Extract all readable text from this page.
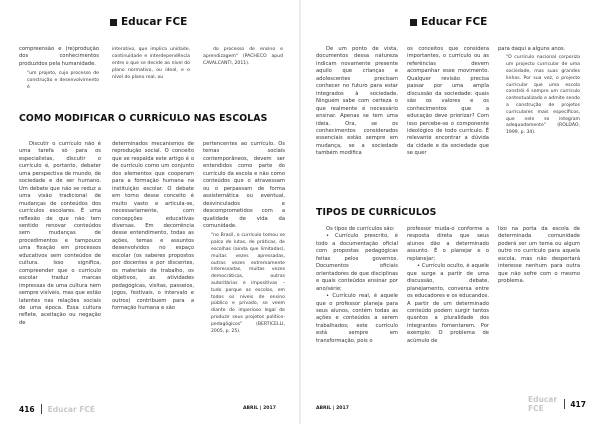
Educar FCE

compreensão e (re)produção dos conhecimentos produzidos pela humanidade.

"um projeto, cujo processo de construção e desenvolvimento é

interativo, que implica unidade, continuidade e interdependência entre o que se decide ao nível do plano normativo, ou ideal, e o nível do plano real, ou

do processo de ensino e aprendizagem" (PACHECO apud CAVALCANTI, 2011).

COMO MODIFICAR O CURRÍCULO NAS ESCOLAS

Discutir o currículo não é uma tarefa só para os especialistas, discutir o currículo é, portanto, debater uma perspectiva de mundo, de sociedade e de ser humano. Um debate que não se reduz a uma visão tradicional de mudanças de conteúdos dos currículos escolares. É uma reflexão de que não tem sentido renovar conteúdos sem mudanças de procedimentos e tampouco uma fixação em processos educativos sem conteúdos de cultura. Isso significa, compreender que o currículo escolar traduz marcas impressas de uma cultura nem sempre visíveis, mas que estão latentes nas relações sociais de uma época. Essa cultura reflete, aceitação ou negação de

determinados mecanismos de reprodução social. O conceito que se respalda este artigo é o de currículo como um conjunto dos elementos que cooperam para a formação humana na instituição escolar. O debate em torno desse conceito é muito vasto e articula-se, necessariamente, com concepções educativas diversas. Em decorrência desse entendimento, todas as ações, temas e assuntos desenvolvidos no espaço escolar (os saberes propostos por docentes e por discentes, os materiais de trabalho, os objetivos, as atividades pedagógicas, visitas, passeios, jogos, festivais, o intervalo e outros) contribuem para a formação humana e são

pertencentes ao currículo. Os temas sociais contemporâneos, devem ser entendidos como parte do currículo da escola e não como conteúdos que o atravessam ou o perpassam de forma assistemática ou eventual, desvinculados e descomprometidos com a qualidade de vida da comunidade.

"no Brasil, o currículo tomou se palco de lutas, de práticas, de escolhas (ainda que limitadas), muitas vezes apressadas, outras vezes extremamente interessadas, muitas vezes democráticas, outras autoritárias e impositivas – tudo porque as escolas, em todos os níveis de ensino público e privado, se veem diante do imperioso legal de produzir seus projetos político-pedagógicos" (BERTICELLI, 2005, p. 25).

416 Educar FCE	ABRIL | 2017
Educar FCE

De um ponto de vista, documentos dessa natureza indicam novamente presente aquilo que crianças e adolescentes precisam conhecer no futuro para estar integrados à sociedade. Ninguém sabe com certeza o que realmente é necessário ensinar. Apenas se tem uma ideia. Ora, se os conhecimentos considerados essenciais estão sempre em mudança, se a sociedade também modifica

os conceitos que considera importantes, o currículo ou as referências devem acompanhar esse movimento. Qualquer revisão precisa passar por uma ampla discussão da sociedade: quais são os valores e os conhecimentos que a educação deve priorizar? Com isso percebe-se o componente ideológico de todo currículo. É relevante encontrar a dúvida da cidade e da sociedade que se quer

para daqui a alguns anos.

"O currículo nacional corporiza um projecto curricular de uma sociedade, mas suas grandes linhas. Por sua vez, o projecto curricular que uma escola constrói é sempre um currículo contextualizado e admite sendo a construção de projetos curriculares mais específicos, que nele se integram adequadamente" (ROLDÃO, 1999, p. 34).

TIPOS DE CURRÍCULOS

Os tipos de currículos são:

• Currículo prescrito, é todo a documentação oficial com propostas pedagógicas feitas pelos governos. Documentos oficiais orientadores de que disciplinas e quais conteúdos ensinar por ano/série;

• Currículo real, é aquele que o professor planeja para seus alunos, contém todas as ações e conteúdos a serem trabalhados; este currículo está sempre em transformação, pois o

professor muda-o conforme a resposta direta que seus alunos dão a determinado assunto. É o planejar e o replanejar;

• Currículo oculto, é aquele que surge a partir de uma discussão, debate, planejamento, conversa entre os educadores e os educandos. A partir de um determinado conteúdo podem surgir tantos quantos a pluralidade dos integrantes fomentarem. Por exemplo: O problema de acúmulo de

lixo na porta da escola de determinada comunidade poderá ser um tema ou algum outro no currículo para aquela escola, mas não despertará interesse nenhum para outra que não sofre com o mesmo problema.

ABRIL | 2017
Educar FCE	417
